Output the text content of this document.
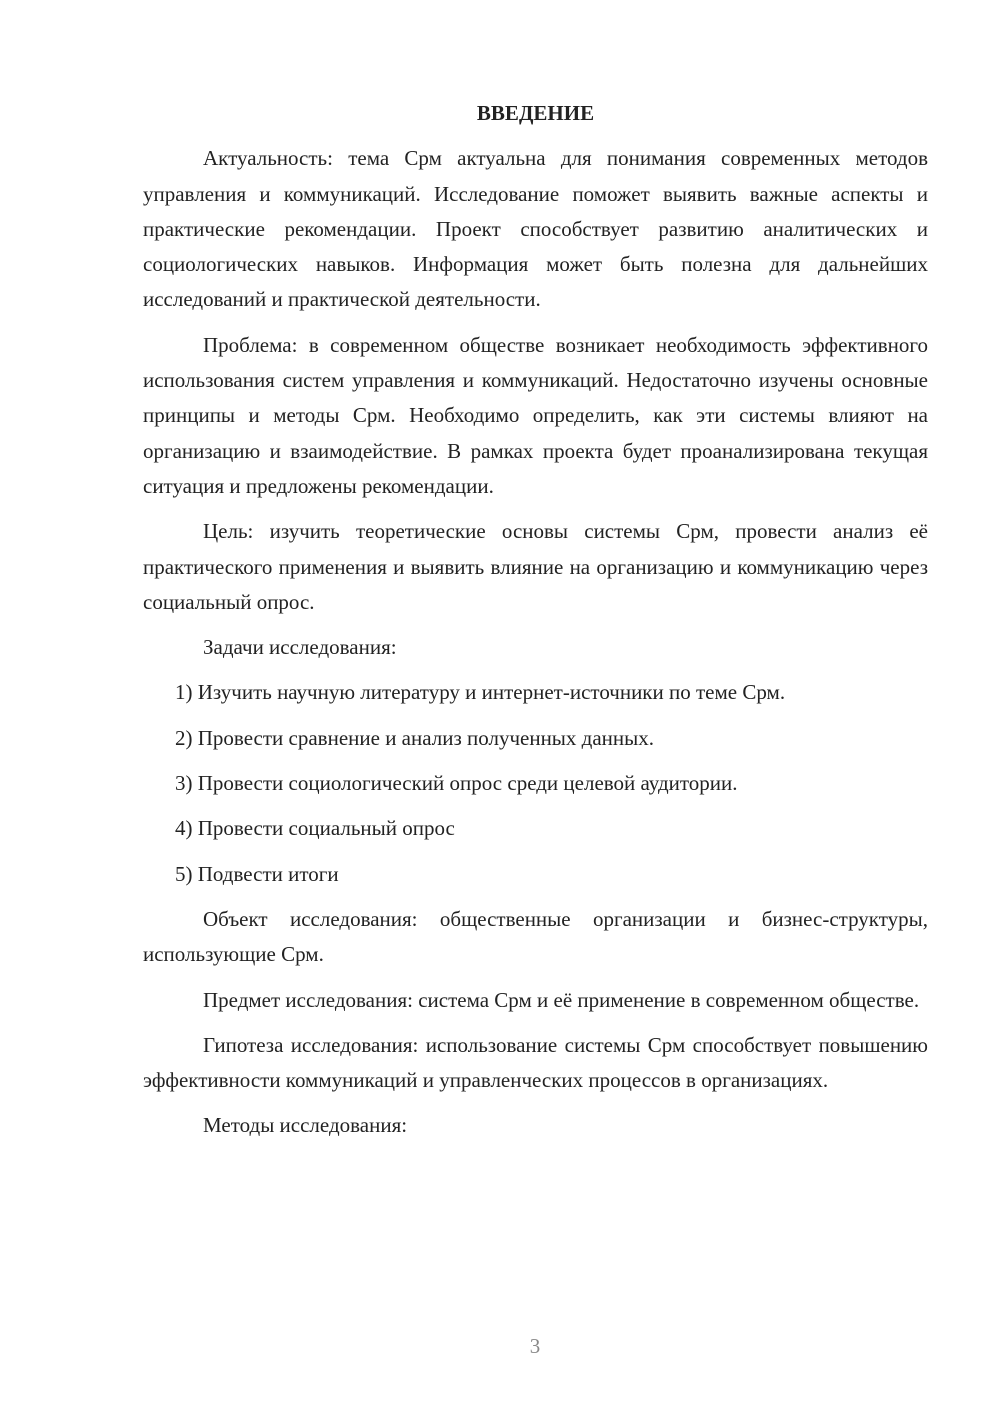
ВВЕДЕНИЕ

Актуальность: тема Срм актуальна для понимания современных методов управления и коммуникаций. Исследование поможет выявить важные аспекты и практические рекомендации. Проект способствует развитию аналитических и социологических навыков. Информация может быть полезна для дальнейших исследований и практической деятельности.

Проблема: в современном обществе возникает необходимость эффективного использования систем управления и коммуникаций. Недостаточно изучены основные принципы и методы Срм. Необходимо определить, как эти системы влияют на организацию и взаимодействие. В рамках проекта будет проанализирована текущая ситуация и предложены рекомендации.

Цель: изучить теоретические основы системы Срм, провести анализ её практического применения и выявить влияние на организацию и коммуникацию через социальный опрос.

Задачи исследования:

1) Изучить научную литературу и интернет-источники по теме Срм.
2) Провести сравнение и анализ полученных данных.
3) Провести социологический опрос среди целевой аудитории.
4) Провести социальный опрос
5) Подвести итоги

Объект исследования: общественные организации и бизнес-структуры, использующие Срм.

Предмет исследования: система Срм и её применение в современном обществе.

Гипотеза исследования: использование системы Срм способствует повышению эффективности коммуникаций и управленческих процессов в организациях.

Методы исследования:

3
